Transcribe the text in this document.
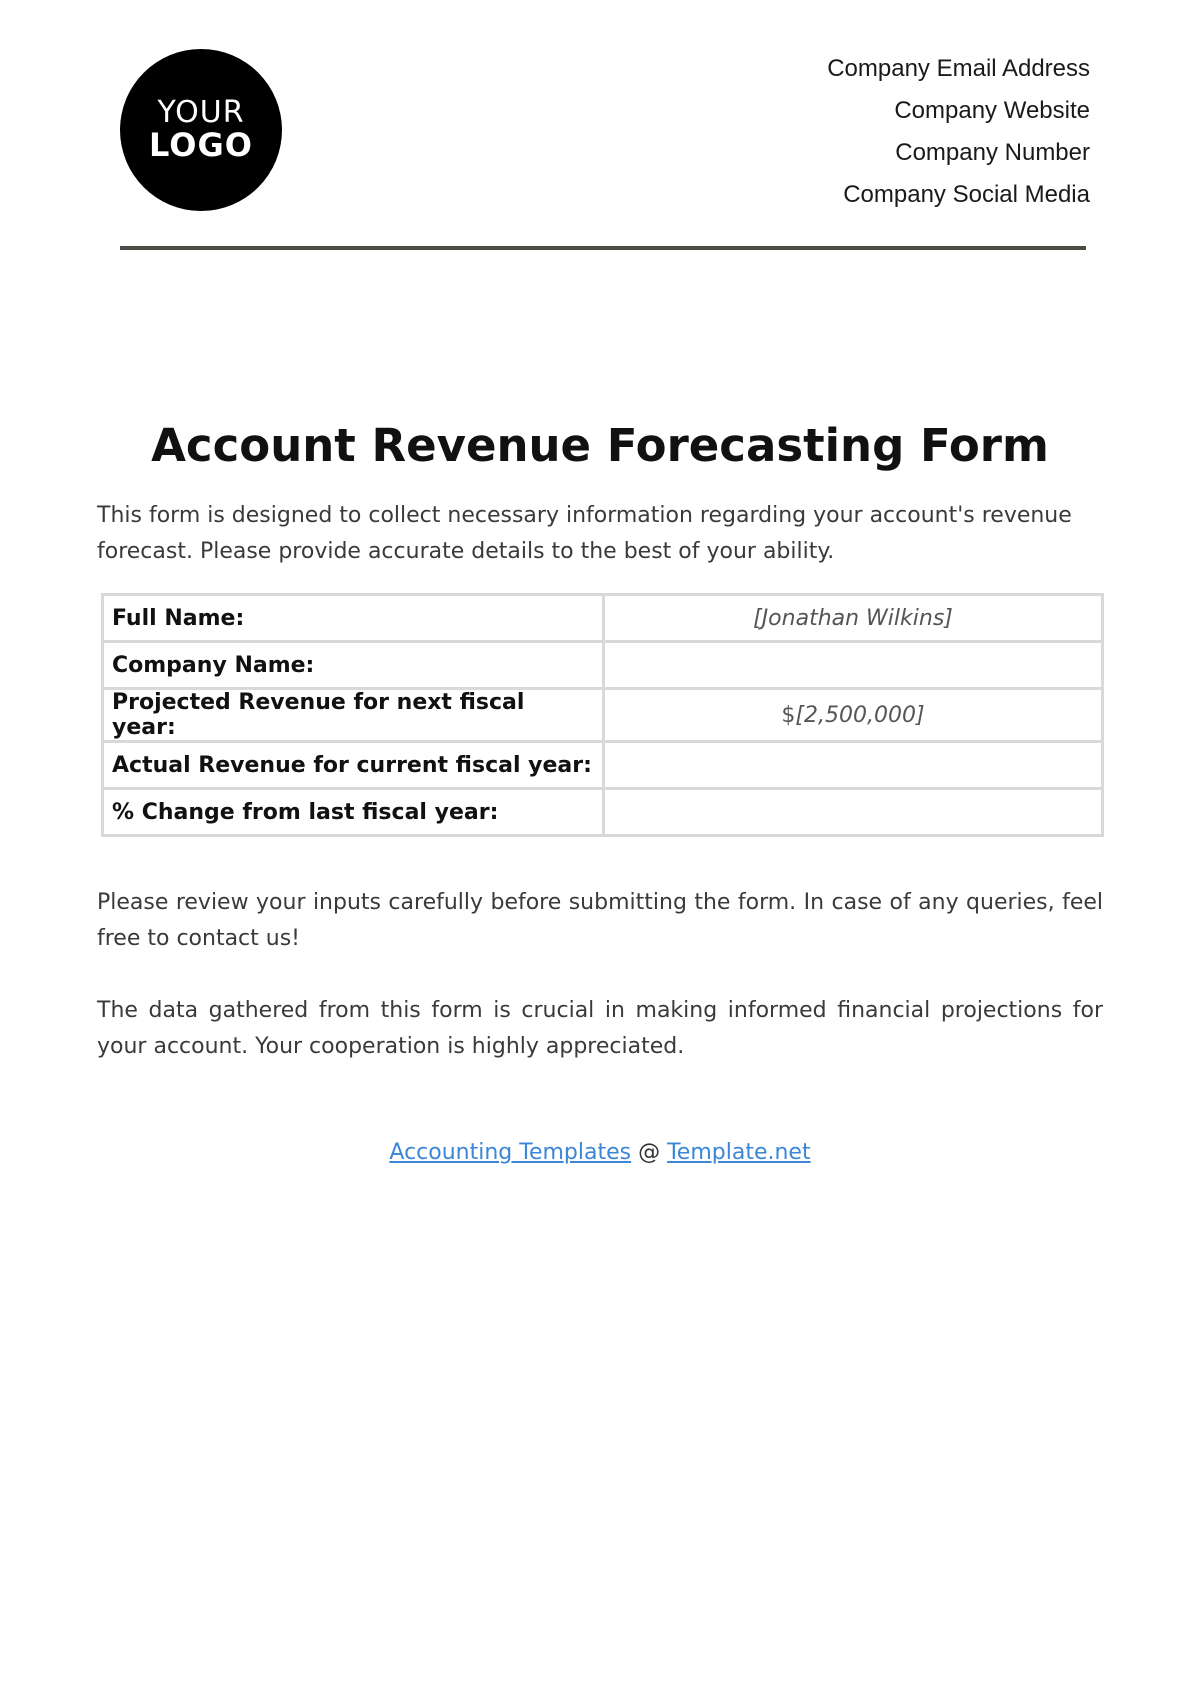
YOUR
LOGO
Company Email Address
Company Website
Company Number
Company Social Media
Account Revenue Forecasting Form

This form is designed to collect necessary information regarding your account's revenue forecast. Please provide accurate details to the best of your ability.

Full Name:	[Jonathan Wilkins]
Company Name:	
Projected Revenue for next fiscal year:	$[2,500,000]
Actual Revenue for current fiscal year:	
% Change from last fiscal year:	

Please review your inputs carefully before submitting the form. In case of any queries, feel free to contact us!

The data gathered from this form is crucial in making informed financial projections for your account. Your cooperation is highly appreciated.

Accounting Templates @ Template.net
